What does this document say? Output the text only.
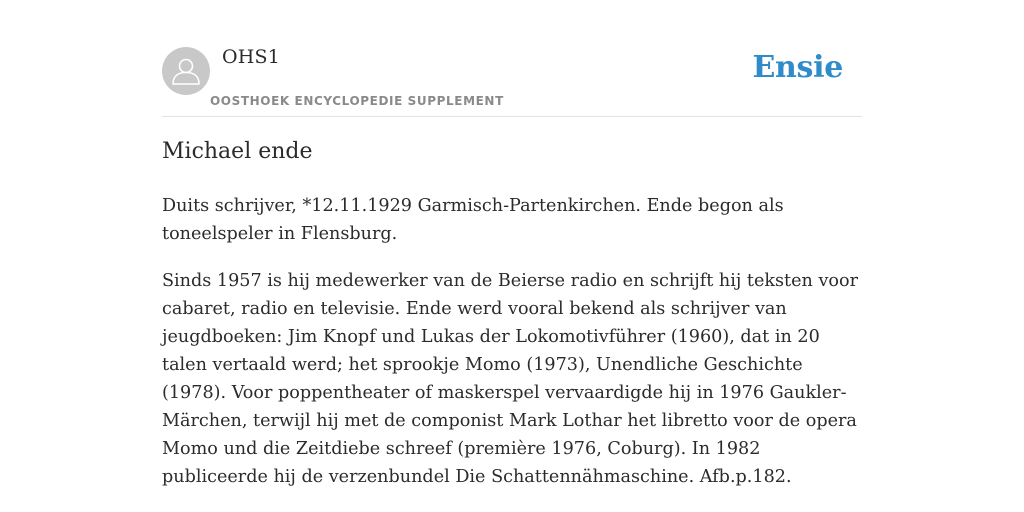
OHS1
OOSTHOEK ENCYCLOPEDIE SUPPLEMENT
Ensie
Michael ende

Duits schrijver, *12.11.1929 Garmisch-Partenkirchen. Ende begon als toneelspeler in Flensburg.

Sinds 1957 is hij medewerker van de Beierse radio en schrijft hij teksten voor cabaret, radio en televisie. Ende werd vooral bekend als schrijver van jeugdboeken: Jim Knopf und Lukas der Lokomotivführer (1960), dat in 20 talen vertaald werd; het sprookje Momo (1973), Unendliche Geschichte (1978). Voor poppentheater of maskerspel vervaardigde hij in 1976 Gaukler-Märchen, terwijl hij met de componist Mark Lothar het libretto voor de opera Momo und die Zeitdiebe schreef (première 1976, Coburg). In 1982 publiceerde hij de verzenbundel Die Schattennähmaschine. Afb.p.182.
